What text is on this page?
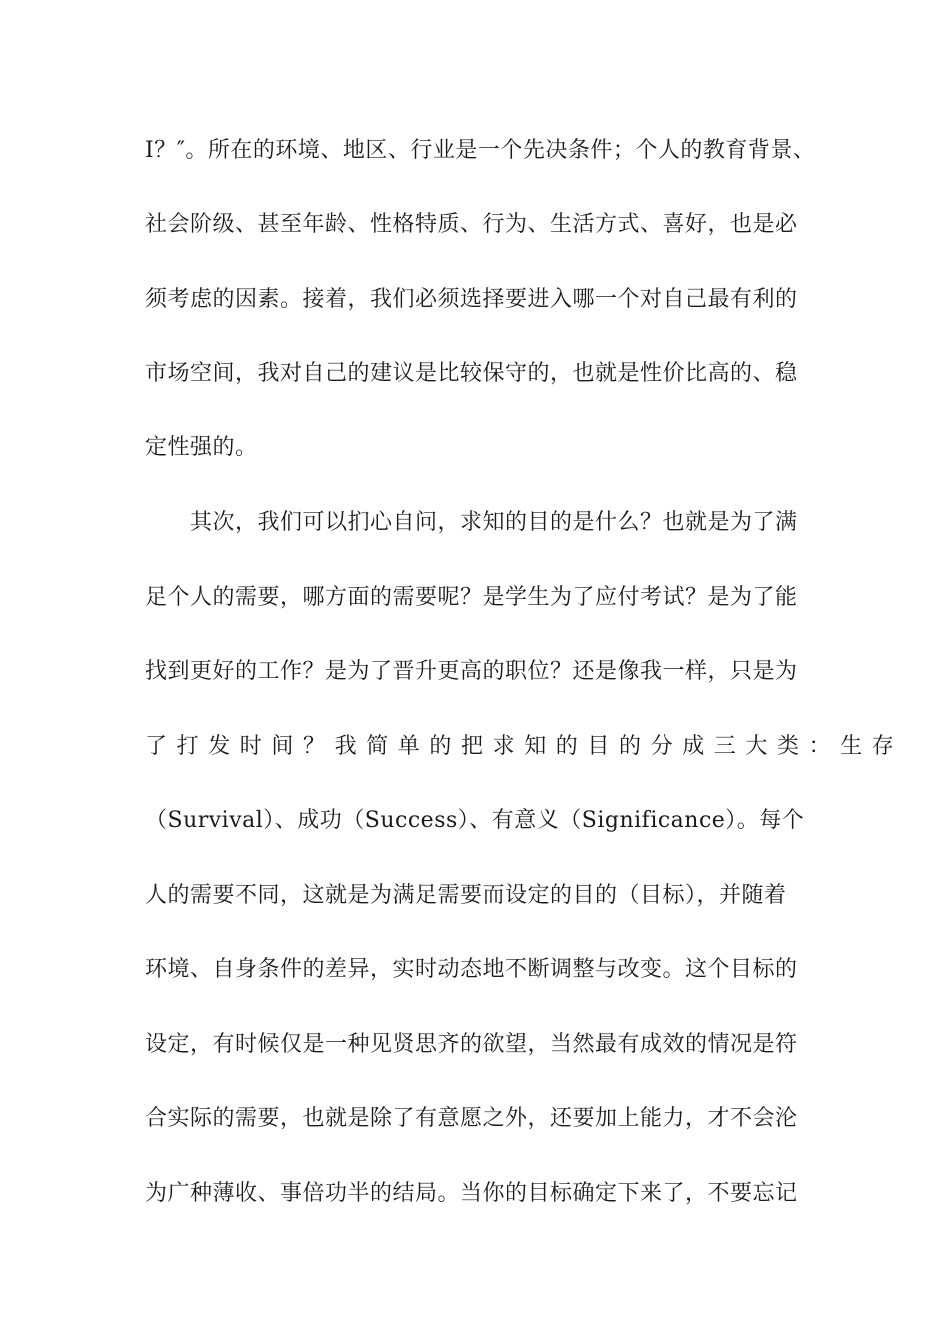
I？″。所在的环境、地区、行业是一个先决条件；个人的教育背景、
社会阶级、甚至年龄、性格特质、行为、生活方式、喜好，也是必
须考虑的因素。接着，我们必须选择要进入哪一个对自己最有利的
市场空间，我对自己的建议是比较保守的，也就是性价比高的、稳
定性强的。
其次，我们可以扪心自问，求知的目的是什么？也就是为了满
足个人的需要，哪方面的需要呢？是学生为了应付考试？是为了能
找到更好的工作？是为了晋升更高的职位？还是像我一样，只是为
了打发时间？我简单的把求知的目的分成三大类：生存
（Survival）、成功（Success）、有意义（Significance）。每个
人的需要不同，这就是为满足需要而设定的目的（目标），并随着
环境、自身条件的差异，实时动态地不断调整与改变。这个目标的
设定，有时候仅是一种见贤思齐的欲望，当然最有成效的情况是符
合实际的需要，也就是除了有意愿之外，还要加上能力，才不会沦
为广种薄收、事倍功半的结局。当你的目标确定下来了，不要忘记
